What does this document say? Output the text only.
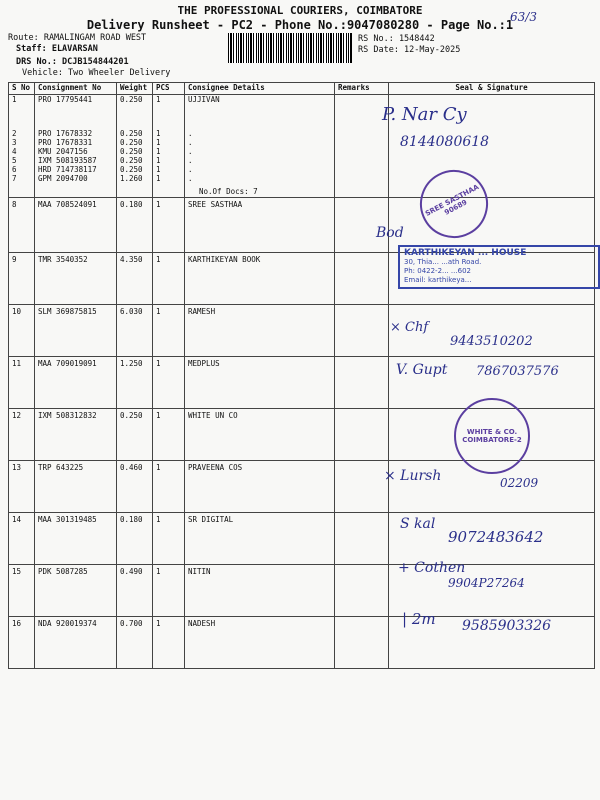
THE PROFESSIONAL COURIERS, COIMBATORE
Delivery Runsheet - PC2 - Phone No.:9047080280 - Page No.:1
63/3
Route: RAMALINGAM ROAD WEST
Staff: ELAVARSAN
DRS No.: DCJB154844201
Vehicle: Two Wheeler Delivery
RS No.: 1548442
RS Date: 12-May-2025
S No	Consignment No	Weight	PCS	Consignee Details	Remarks	Seal & Signature
1	PRO 17795441	0.250	1	UJJIVAN		
2	PRO 17678332	0.250	1	.		
3	PRO 17678331	0.250	1	.		
4	KMU 2047156	0.250	1	.		
5	IXM 508193587	0.250	1	.		
6	HRD 714738117	0.250	1	.		
7	GPM 2094700	1.260	1	.		
				No.Of Docs: 7		
8	MAA 708524091	0.180	1	SREE SASTHAA		
9	TMR 3540352	4.350	1	KARTHIKEYAN BOOK		
10	SLM 369875815	6.030	1	RAMESH		
11	MAA 709019091	1.250	1	MEDPLUS		
12	IXM 508312832	0.250	1	WHITE UN CO		
13	TRP 643225	0.460	1	PRAVEENA COS		
14	MAA 301319485	0.180	1	SR DIGITAL		
15	PDK 5087285	0.490	1	NITIN		
16	NDA 920019374	0.700	1	NADESH		
P. Nar Cy
8144080618
Bod
SREE SASTHAA 90689
KARTHIKEYAN ... HOUSE
30, Thia... ...ath Road.
Ph: 0422-2... ...602
Email: karthikeya...
× Chf
9443510202
V. Gupt 7867037576
WHITE & CO. COIMBATORE-2
× Lursh	02209
S kal
9072483642
+ Cothen
9904P27264
| 2m 9585903326
